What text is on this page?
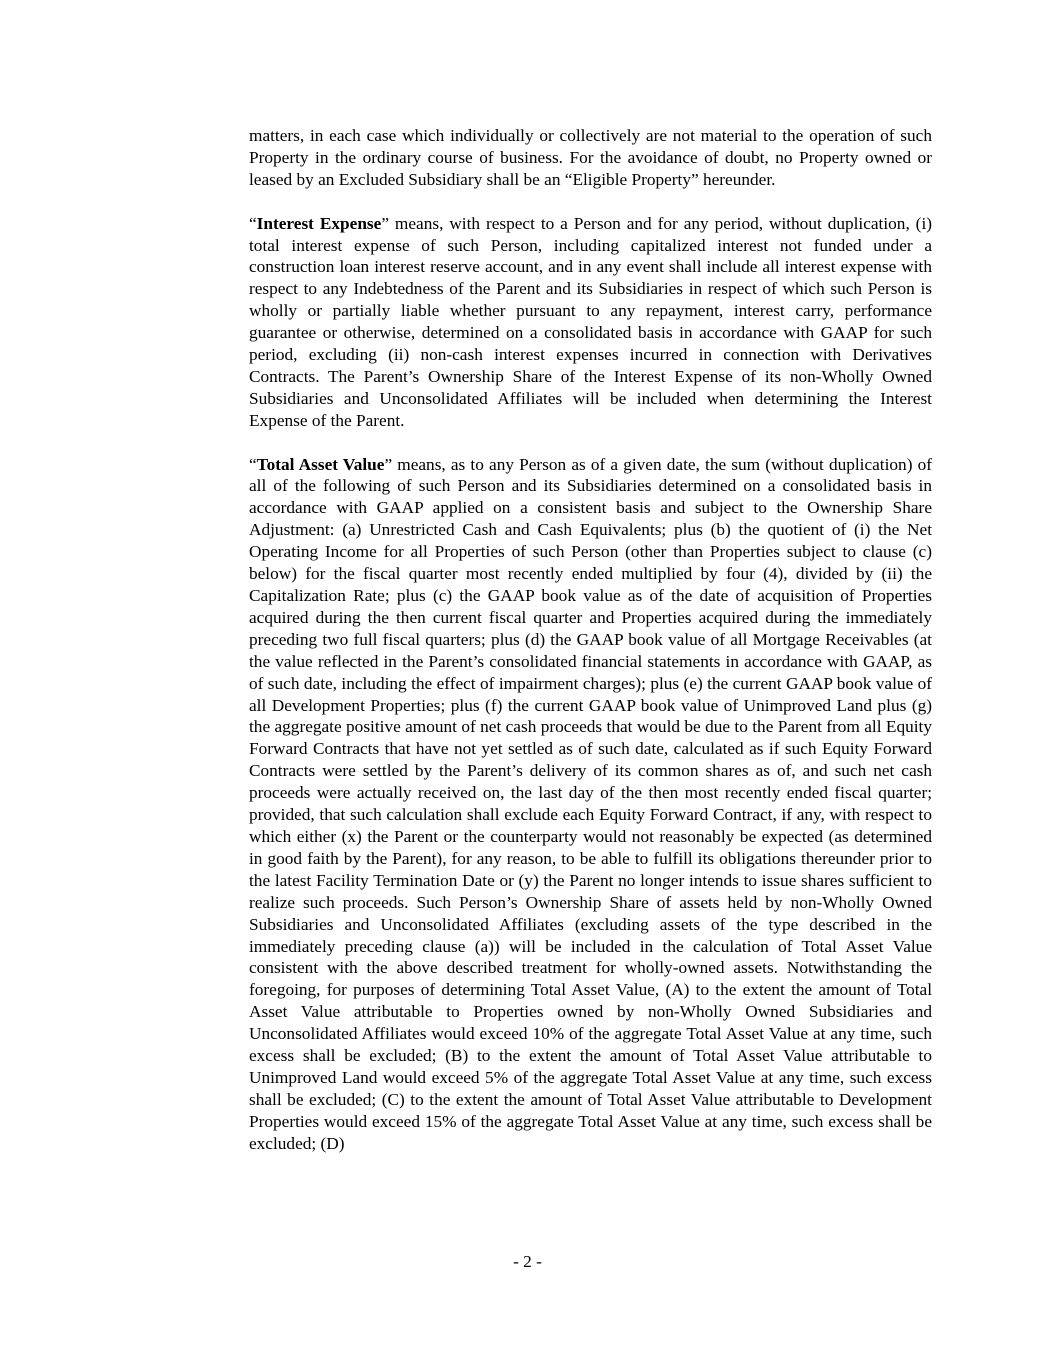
matters, in each case which individually or collectively are not material to the operation of such Property in the ordinary course of business. For the avoidance of doubt, no Property owned or leased by an Excluded Subsidiary shall be an “Eligible Property” hereunder.

“Interest Expense” means, with respect to a Person and for any period, without duplication, (i) total interest expense of such Person, including capitalized interest not funded under a construction loan interest reserve account, and in any event shall include all interest expense with respect to any Indebtedness of the Parent and its Subsidiaries in respect of which such Person is wholly or partially liable whether pursuant to any repayment, interest carry, performance guarantee or otherwise, determined on a consolidated basis in accordance with GAAP for such period, excluding (ii) non-cash interest expenses incurred in connection with Derivatives Contracts. The Parent’s Ownership Share of the Interest Expense of its non-Wholly Owned Subsidiaries and Unconsolidated Affiliates will be included when determining the Interest Expense of the Parent.

“Total Asset Value” means, as to any Person as of a given date, the sum (without duplication) of all of the following of such Person and its Subsidiaries determined on a consolidated basis in accordance with GAAP applied on a consistent basis and subject to the Ownership Share Adjustment: (a) Unrestricted Cash and Cash Equivalents; plus (b) the quotient of (i) the Net Operating Income for all Properties of such Person (other than Properties subject to clause (c) below) for the fiscal quarter most recently ended multiplied by four (4), divided by (ii) the Capitalization Rate; plus (c) the GAAP book value as of the date of acquisition of Properties acquired during the then current fiscal quarter and Properties acquired during the immediately preceding two full fiscal quarters; plus (d) the GAAP book value of all Mortgage Receivables (at the value reflected in the Parent’s consolidated financial statements in accordance with GAAP, as of such date, including the effect of impairment charges); plus (e) the current GAAP book value of all Development Properties; plus (f) the current GAAP book value of Unimproved Land plus (g) the aggregate positive amount of net cash proceeds that would be due to the Parent from all Equity Forward Contracts that have not yet settled as of such date, calculated as if such Equity Forward Contracts were settled by the Parent’s delivery of its common shares as of, and such net cash proceeds were actually received on, the last day of the then most recently ended fiscal quarter; provided, that such calculation shall exclude each Equity Forward Contract, if any, with respect to which either (x) the Parent or the counterparty would not reasonably be expected (as determined in good faith by the Parent), for any reason, to be able to fulfill its obligations thereunder prior to the latest Facility Termination Date or (y) the Parent no longer intends to issue shares sufficient to realize such proceeds. Such Person’s Ownership Share of assets held by non-Wholly Owned Subsidiaries and Unconsolidated Affiliates (excluding assets of the type described in the immediately preceding clause (a)) will be included in the calculation of Total Asset Value consistent with the above described treatment for wholly-owned assets. Notwithstanding the foregoing, for purposes of determining Total Asset Value, (A) to the extent the amount of Total Asset Value attributable to Properties owned by non-Wholly Owned Subsidiaries and Unconsolidated Affiliates would exceed 10% of the aggregate Total Asset Value at any time, such excess shall be excluded; (B) to the extent the amount of Total Asset Value attributable to Unimproved Land would exceed 5% of the aggregate Total Asset Value at any time, such excess shall be excluded; (C) to the extent the amount of Total Asset Value attributable to Development Properties would exceed 15% of the aggregate Total Asset Value at any time, such excess shall be excluded; (D)

- 2 -
